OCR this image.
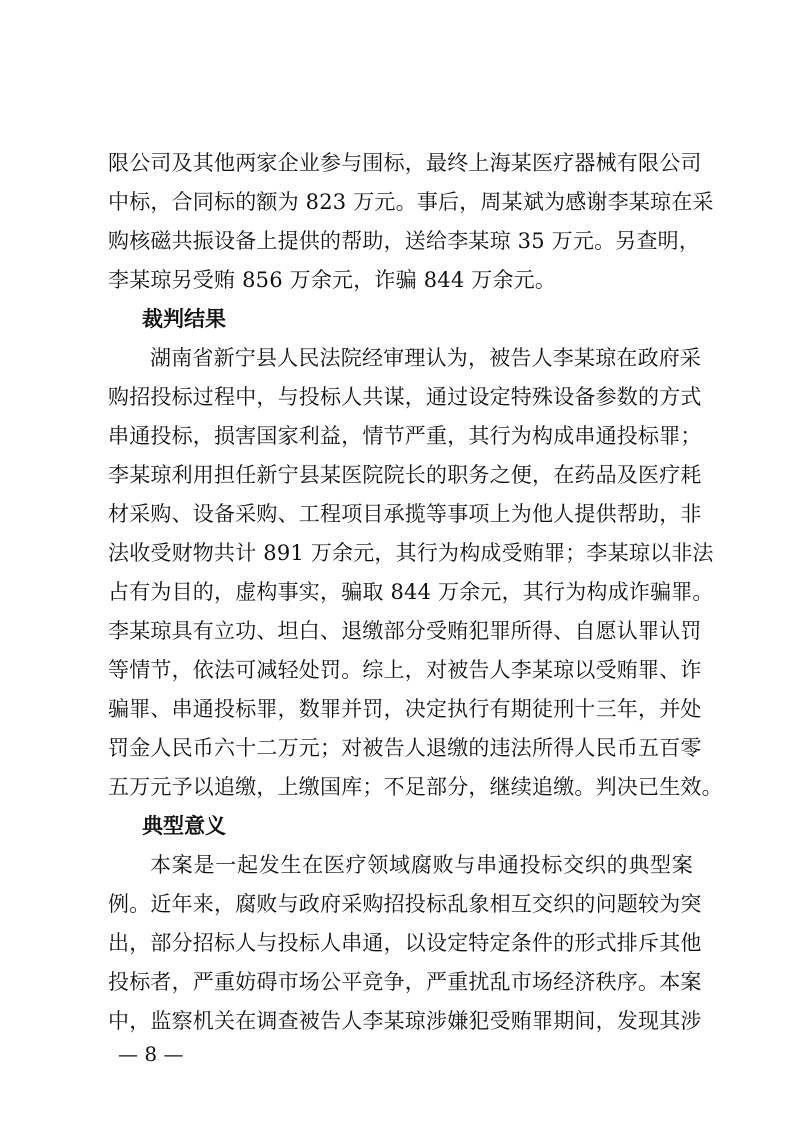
限公司及其他两家企业参与围标，最终上海某医疗器械有限公司
中标，合同标的额为 823 万元。事后，周某斌为感谢李某琼在采
购核磁共振设备上提供的帮助，送给李某琼 35 万元。另查明，
李某琼另受贿 856 万余元，诈骗 844 万余元。
裁判结果
湖南省新宁县人民法院经审理认为，被告人李某琼在政府采
购招投标过程中，与投标人共谋，通过设定特殊设备参数的方式
串通投标，损害国家利益，情节严重，其行为构成串通投标罪；
李某琼利用担任新宁县某医院院长的职务之便，在药品及医疗耗
材采购、设备采购、工程项目承揽等事项上为他人提供帮助，非
法收受财物共计 891 万余元，其行为构成受贿罪；李某琼以非法
占有为目的，虚构事实，骗取 844 万余元，其行为构成诈骗罪。
李某琼具有立功、坦白、退缴部分受贿犯罪所得、自愿认罪认罚
等情节，依法可减轻处罚。综上，对被告人李某琼以受贿罪、诈
骗罪、串通投标罪，数罪并罚，决定执行有期徒刑十三年，并处
罚金人民币六十二万元；对被告人退缴的违法所得人民币五百零
五万元予以追缴，上缴国库；不足部分，继续追缴。判决已生效。
典型意义
本案是一起发生在医疗领域腐败与串通投标交织的典型案
例。近年来，腐败与政府采购招投标乱象相互交织的问题较为突
出，部分招标人与投标人串通，以设定特定条件的形式排斥其他
投标者，严重妨碍市场公平竞争，严重扰乱市场经济秩序。本案
中，监察机关在调查被告人李某琼涉嫌犯受贿罪期间，发现其涉
— 8 —
